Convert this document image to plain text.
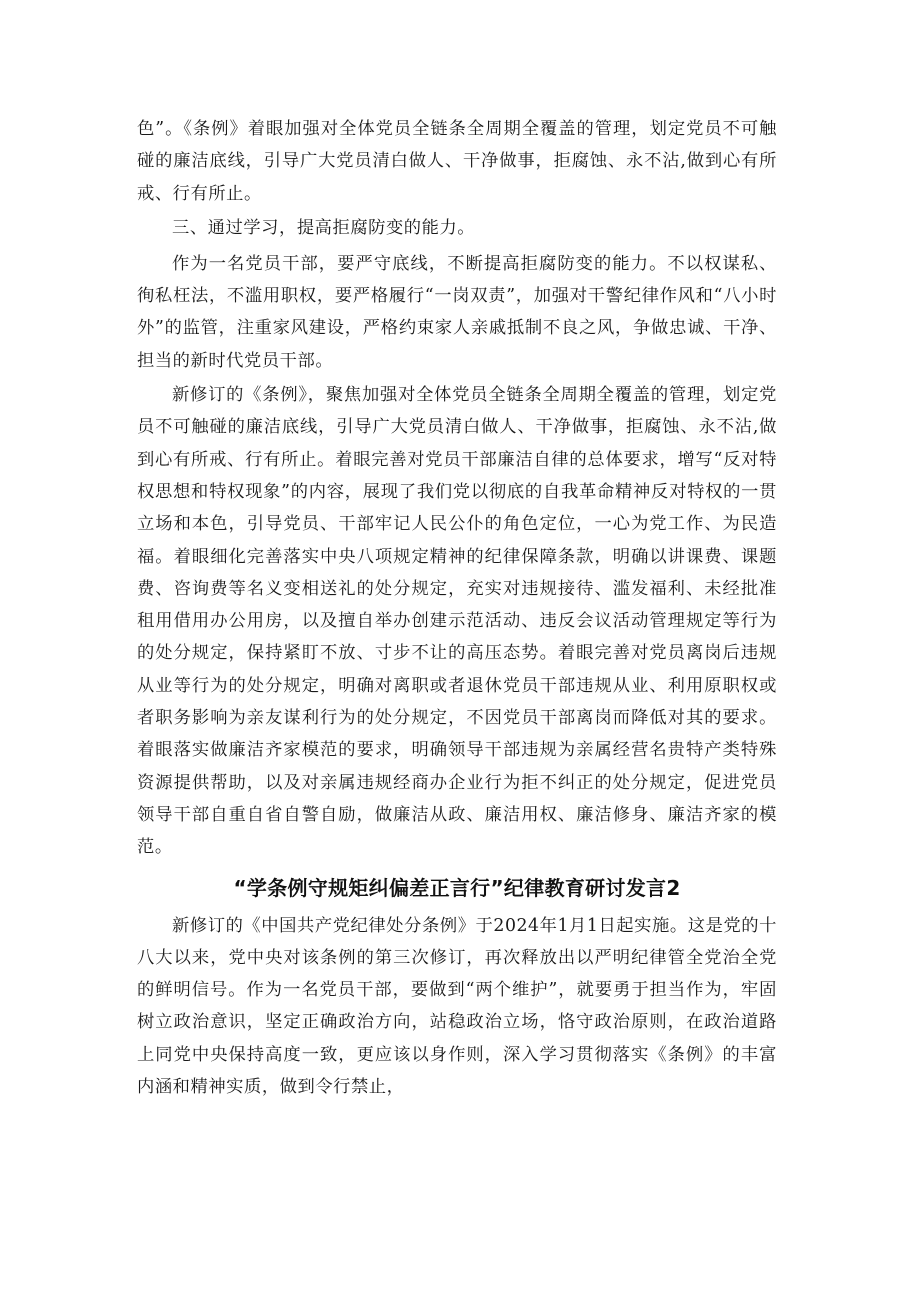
色”。《条例》着眼加强对全体党员全链条全周期全覆盖的管理，划定党员不可触碰的廉洁底线，引导广大党员清白做人、干净做事，拒腐蚀、永不沾,做到心有所戒、行有所止。

三、通过学习，提高拒腐防变的能力。

作为一名党员干部，要严守底线，不断提高拒腐防变的能力。不以权谋私、徇私枉法，不滥用职权，要严格履行“一岗双责”，加强对干警纪律作风和“八小时外”的监管，注重家风建设，严格约束家人亲戚抵制不良之风，争做忠诚、干净、担当的新时代党员干部。

新修订的《条例》，聚焦加强对全体党员全链条全周期全覆盖的管理，划定党员不可触碰的廉洁底线，引导广大党员清白做人、干净做事，拒腐蚀、永不沾,做到心有所戒、行有所止。着眼完善对党员干部廉洁自律的总体要求，增写“反对特权思想和特权现象”的内容，展现了我们党以彻底的自我革命精神反对特权的一贯立场和本色，引导党员、干部牢记人民公仆的角色定位，一心为党工作、为民造福。着眼细化完善落实中央八项规定精神的纪律保障条款，明确以讲课费、课题费、咨询费等名义变相送礼的处分规定，充实对违规接待、滥发福利、未经批准租用借用办公用房，以及擅自举办创建示范活动、违反会议活动管理规定等行为的处分规定，保持紧盯不放、寸步不让的高压态势。着眼完善对党员离岗后违规从业等行为的处分规定，明确对离职或者退休党员干部违规从业、利用原职权或者职务影响为亲友谋利行为的处分规定，不因党员干部离岗而降低对其的要求。着眼落实做廉洁齐家模范的要求，明确领导干部违规为亲属经营名贵特产类特殊资源提供帮助，以及对亲属违规经商办企业行为拒不纠正的处分规定，促进党员领导干部自重自省自警自励，做廉洁从政、廉洁用权、廉洁修身、廉洁齐家的模范。

“学条例守规矩纠偏差正言行”纪律教育研讨发言2

新修订的《中国共产党纪律处分条例》于2024年1月1日起实施。这是党的十八大以来，党中央对该条例的第三次修订，再次释放出以严明纪律管全党治全党的鲜明信号。作为一名党员干部，要做到“两个维护”，就要勇于担当作为，牢固树立政治意识，坚定正确政治方向，站稳政治立场，恪守政治原则，在政治道路上同党中央保持高度一致，更应该以身作则，深入学习贯彻落实《条例》的丰富内涵和精神实质，做到令行禁止，
